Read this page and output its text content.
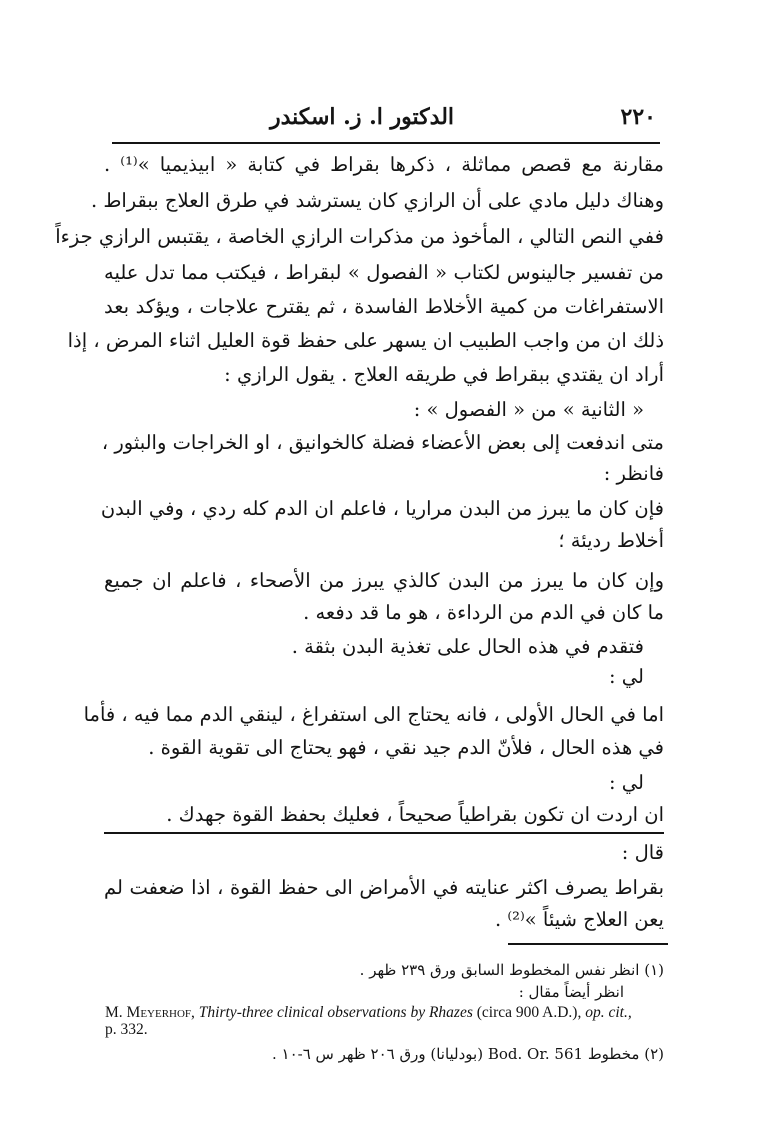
٢٢٠
الدكتور ا. ز. اسكندر
مقارنة مع قصص مماثلة ، ذكرها بقراط في كتابة « ابيذيميا »⁽¹⁾ .
وهناك دليل مادي على أن الرازي كان يسترشد في طرق العلاج ببقراط .
ففي النص التالي ، المأخوذ من مذكرات الرازي الخاصة ، يقتبس الرازي جزءاً
من تفسير جالينوس لكتاب « الفصول » لبقراط ، فيكتب مما تدل عليه
الاستفراغات من كمية الأخلاط الفاسدة ، ثم يقترح علاجات ، ويؤكد بعد
ذلك ان من واجب الطبيب ان يسهر على حفظ قوة العليل اثناء المرض ، إذا
أراد ان يقتدي ببقراط في طريقه العلاج . يقول الرازي :
« الثانية » من « الفصول » :
متى اندفعت إلى بعض الأعضاء فضلة كالخوانيق ، او الخراجات والبثور ،
فانظر :
فإن كان ما يبرز من البدن مراريا ، فاعلم ان الدم كله ردي ، وفي البدن
أخلاط رديئة ؛
وإن كان ما يبرز من البدن كالذي يبرز من الأصحاء ، فاعلم ان جميع
ما كان في الدم من الرداءة ، هو ما قد دفعه .
فتقدم في هذه الحال على تغذية البدن بثقة .
لي :
اما في الحال الأولى ، فانه يحتاج الى استفراغ ، لينقي الدم مما فيه ، فأما
في هذه الحال ، فلأنّ الدم جيد نقي ، فهو يحتاج الى تقوية القوة .
لي :
ان اردت ان تكون بقراطياً صحيحاً ، فعليك بحفظ القوة جهدك .
قال :
بقراط يصرف اكثر عنايته في الأمراض الى حفظ القوة ، اذا ضعفت لم
يعن العلاج شيئاً »⁽²⁾ .
(١) انظر نفس المخطوط السابق ورق ٢٣٩ ظهر .
انظر أيضاً مقال :
M. Meyerhof, Thirty-three clinical observations by Rhazes (circa 900 A.D.), op. cit.,
p. 332.
(٢) مخطوط Bod. Or. 561 (بودليانا) ورق ٢٠٦ ظهر س ٦-١٠ .
